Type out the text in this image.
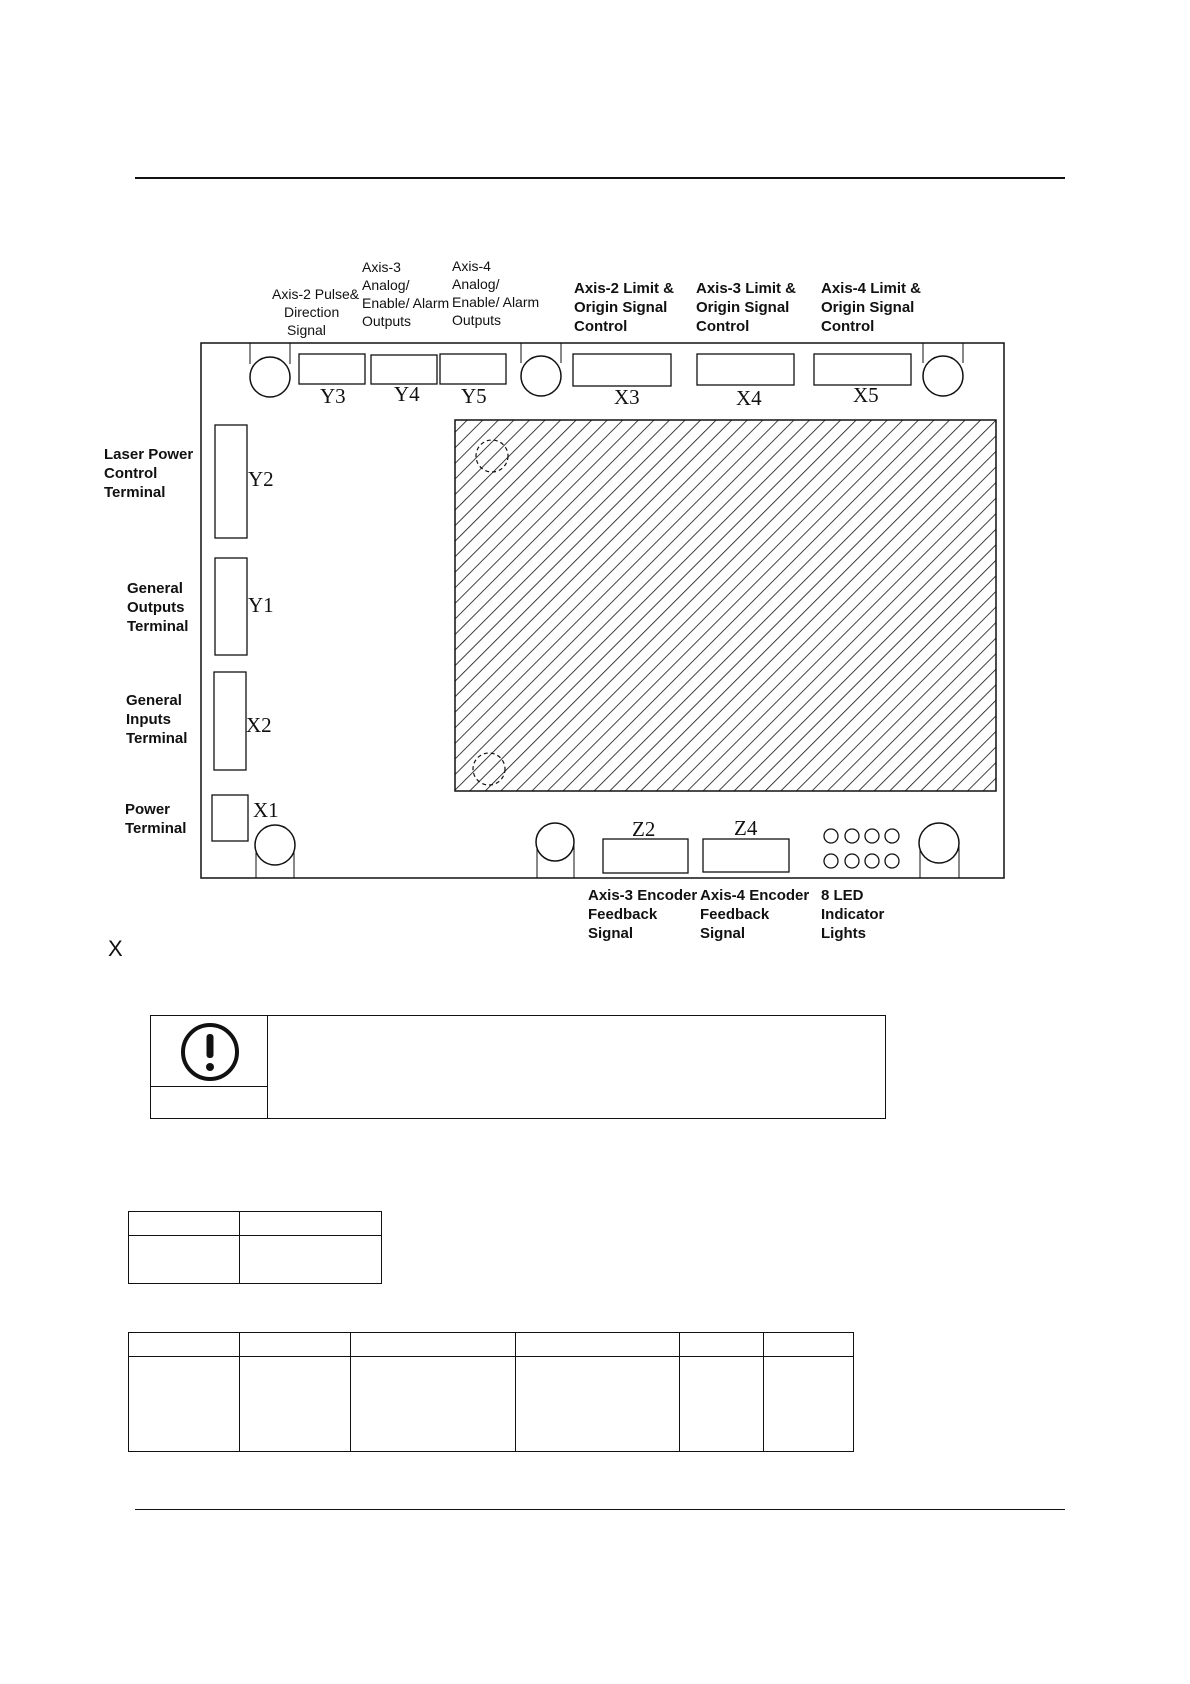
Y3 Y4 Y5	X3	X4	X5
Y2
Y1
X2
X1
Z2	Z4
Axis-2 Pulse&
Direction
Signal
Axis-3
Analog/
Enable/ Alarm
Outputs
Axis-4
Analog/
Enable/ Alarm
Outputs
Axis-2 Limit &
Origin Signal
Control
Axis-3 Limit &
Origin Signal
Control
Axis-4 Limit &
Origin Signal
Control
Laser Power
Control
Terminal
General
Outputs
Terminal
General
Inputs
Terminal
Power
Terminal
Axis-3 Encoder
Feedback
Signal
Axis-4 Encoder
Feedback
Signal
8 LED
Indicator
Lights
X
